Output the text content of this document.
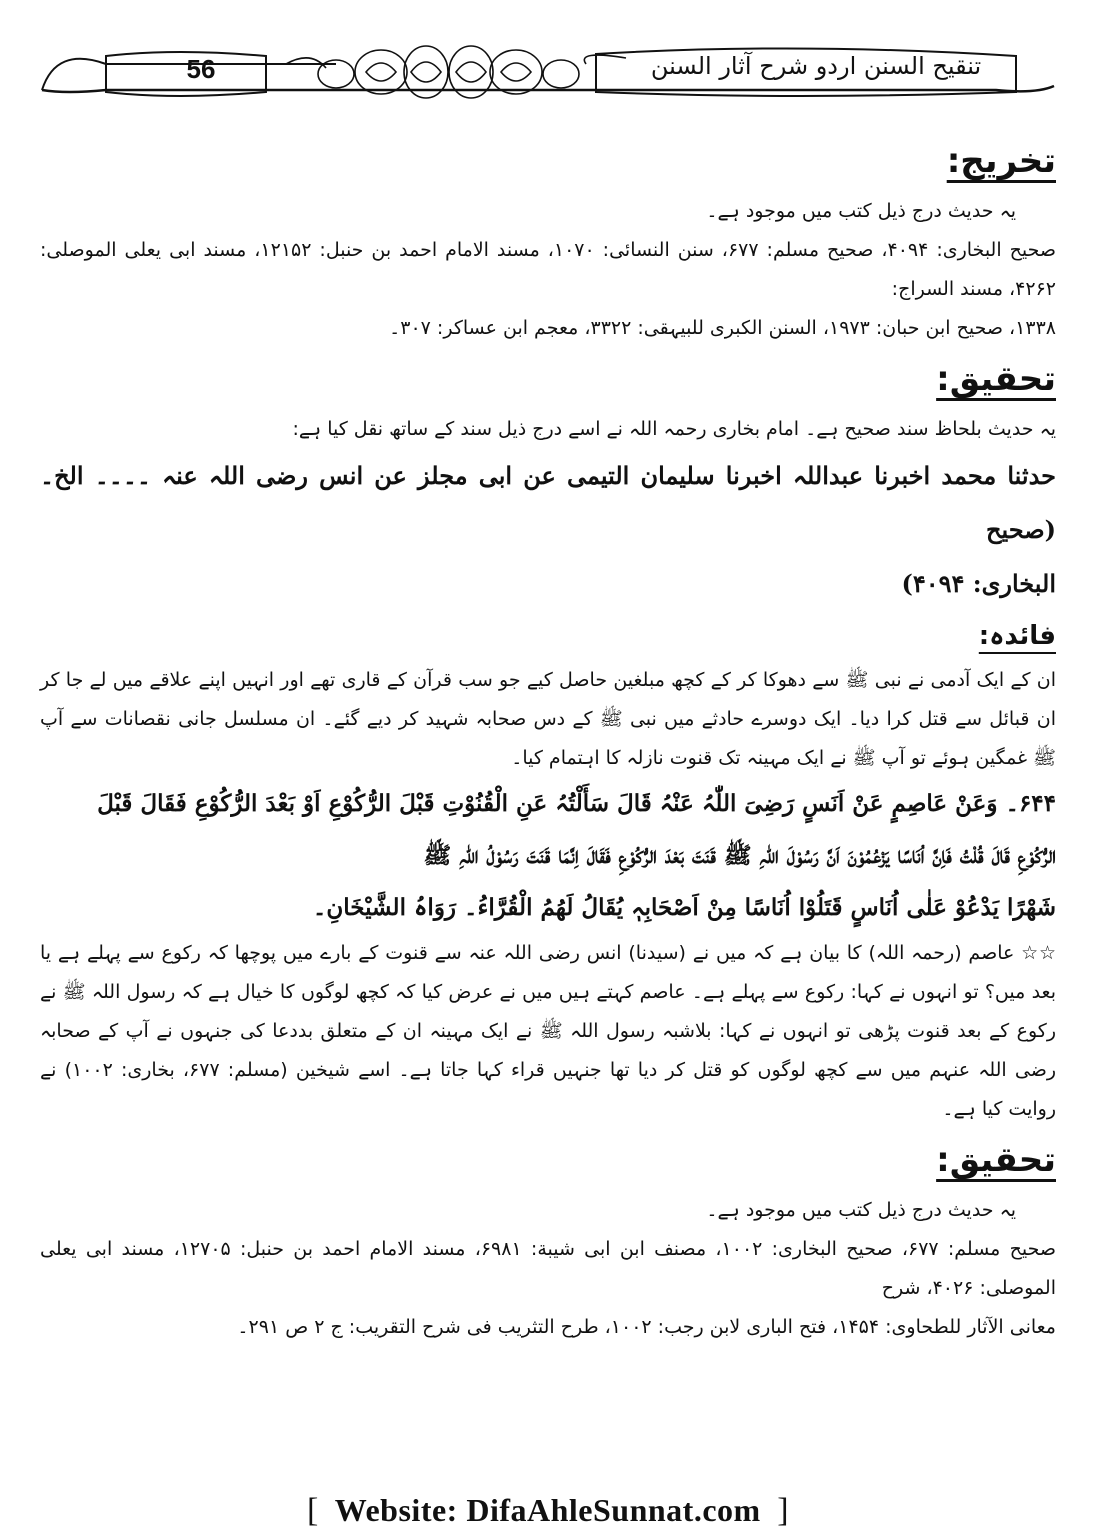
56	تنقیح السنن اردو شرح آثار السنن

تخریج:

یہ حدیث درج ذیل کتب میں موجود ہے۔

صحیح البخاری: ۴۰۹۴، صحیح مسلم: ۶۷۷، سنن النسائی: ۱۰۷۰، مسند الامام احمد بن حنبل: ۱۲۱۵۲، مسند ابی یعلی الموصلی: ۴۲۶۲، مسند السراج:

۱۳۳۸، صحیح ابن حبان: ۱۹۷۳، السنن الکبری للبیہقی: ۳۳۲۲، معجم ابن عساکر: ۳۰۷۔

تحقیق:

یہ حدیث بلحاظ سند صحیح ہے۔ امام بخاری رحمہ اللہ نے اسے درج ذیل سند کے ساتھ نقل کیا ہے:

حدثنا محمد اخبرنا عبداللہ اخبرنا سلیمان التیمی عن ابی مجلز عن انس رضی اللہ عنہ ۔۔۔۔ الخ۔ (صحیح

البخاری: ۴۰۹۴)

فائدہ:

ان کے ایک آدمی نے نبی ﷺ سے دھوکا کر کے کچھ مبلغین حاصل کیے جو سب قرآن کے قاری تھے اور انہیں اپنے علاقے میں لے جا کر ان قبائل سے قتل کرا دیا۔ ایک دوسرے حادثے میں نبی ﷺ کے دس صحابہ شہید کر دیے گئے۔ ان مسلسل جانی نقصانات سے آپ ﷺ غمگین ہوئے تو آپ ﷺ نے ایک مہینہ تک قنوت نازلہ کا اہتمام کیا۔

۶۴۴۔ وَعَنْ عَاصِمٍ عَنْ اَنَسٍ رَضِیَ اللّٰہُ عَنْہُ قَالَ سَأَلْتُہُ عَنِ الْقُنُوْتِ قَبْلَ الرُّکُوْعِ اَوْ بَعْدَ الرُّکُوْعِ فَقَالَ قَبْلَ

الرُّکُوْعِ قَالَ قُلْتُ فَاِنَّ اُنَاسًا یَزْعُمُوْنَ اَنَّ رَسُوْلَ اللّٰہِ ﷺ قَنَتَ بَعْدَ الرُّکُوْعِ فَقَالَ اِنَّمَا قَنَتَ رَسُوْلُ اللّٰہِ ﷺ

شَهْرًا یَدْعُوْ عَلٰی اُنَاسٍ قَتَلُوْا اُنَاسًا مِنْ اَصْحَابِہٖ یُقَالُ لَهُمُ الْقُرَّاءُ۔ رَوَاہُ الشَّیْخَانِ۔

☆☆ عاصم (رحمہ اللہ) کا بیان ہے کہ میں نے (سیدنا) انس رضی اللہ عنہ سے قنوت کے بارے میں پوچھا کہ رکوع سے پہلے ہے یا بعد میں؟ تو انہوں نے کہا: رکوع سے پہلے ہے۔ عاصم کہتے ہیں میں نے عرض کیا کہ کچھ لوگوں کا خیال ہے کہ رسول اللہ ﷺ نے رکوع کے بعد قنوت پڑھی تو انہوں نے کہا: بلاشبہ رسول اللہ ﷺ نے ایک مہینہ ان کے متعلق بددعا کی جنہوں نے آپ کے صحابہ رضی اللہ عنہم میں سے کچھ لوگوں کو قتل کر دیا تھا جنہیں قراء کہا جاتا ہے۔ اسے شیخین (مسلم: ۶۷۷، بخاری: ۱۰۰۲) نے روایت کیا ہے۔

تحقیق:

یہ حدیث درج ذیل کتب میں موجود ہے۔

صحیح مسلم: ۶۷۷، صحیح البخاری: ۱۰۰۲، مصنف ابن ابی شیبة: ۶۹۸۱، مسند الامام احمد بن حنبل: ۱۲۷۰۵، مسند ابی یعلی الموصلی: ۴۰۲۶، شرح

معانی الآثار للطحاوی: ۱۴۵۴، فتح الباری لابن رجب: ۱۰۰۲، طرح التثریب فی شرح التقریب: ج ۲ ص ۲۹۱۔

[ Website: DifaAhleSunnat.com ]
